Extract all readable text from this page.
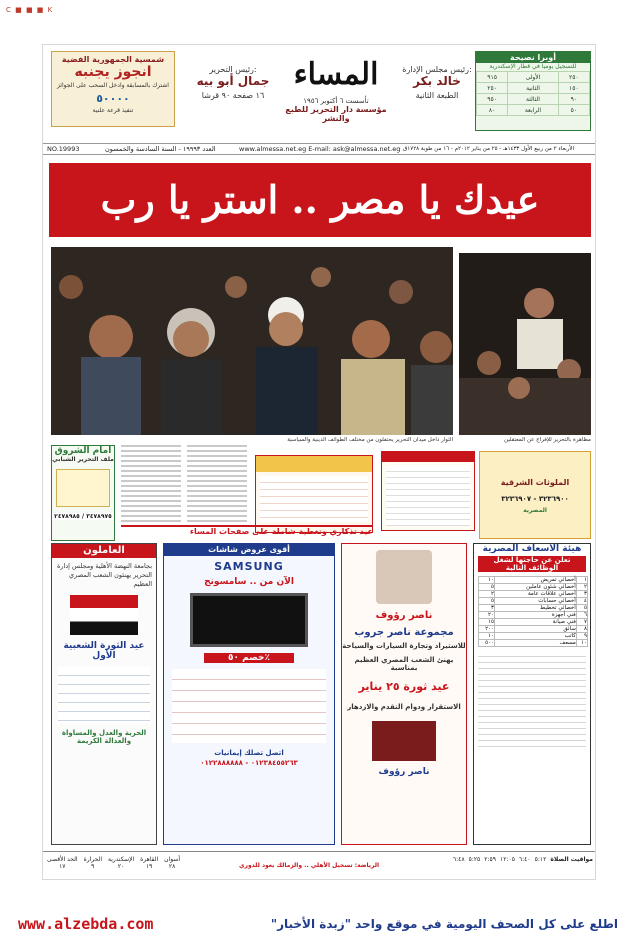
C ■ ■ ■ K
شمسية الجمهورية الفضية
انجوز يجنبه
اشترك بالمسابقة وادخل السحب على الجوائز
٥٠٠٠٠
تنفيذ قرعة علنية
رئيس التحرير:
جمال أبو بيه
١٦ صفحة ٩٠ قرشا
المساء
تأسست ٦ أكتوبر ١٩٥٦
مؤسسة دار التحرير للطبع والنشر
رئيس مجلس الإدارة:
خالد بكر
الطبعة الثانية
أوبرا نصيحة
للتسجيل يوميا في قطار الإسكندرية
٩١٥	الأولى	٢٥٠
٢٥٠	الثانية	١٥٠
٩٥٠	الثالثة	٩٠
٨٠	الرابعة	٥٠
NO.19993	العدد ١٩٩٩٣ - السنة السادسة والخمسون	www.almessa.net.eg E-mail: ask@almessa.net.eg الأربعاء ٢ من ربيع الأول ١٤٣٣هـ - ٢٥ من يناير ٢٠١٢م - ١٦ من طوبة ١٧٢٨ق
عيدك يا مصر .. استر يا رب
الثوار داخل ميدان التحرير يحتفلون من مختلف الطوائف الدينية والسياسية	مظاهرة بالتحرير للإفراج عن المعتقلين
أمام الشروق
ملف التحرير الشبابي
٣٤٧٨٩٧٥ / ٢٤٧٨٩٨٥
الملوثات الشرقية
٣٢٣٦٩٠٠ - ٣٢٣٦٩٠٧
المصرية
عيد تذكاري وتغطية شاملة على صفحات المساء
العاملون
بجامعة النهضة الأهلية ومجلس إدارة التحرير يهنئون الشعب المصري العظيم
عيد الثورة الشعبية الأول
الحرية والعدل والمساواة والعدالة الكريمة
أقوى عروض شاشات
SAMSUNG
الآن من .. سامسونج
خصم ٥٠٪
اتصل تصلك إيمانيات
٠١٢٣٨٤٥٥٢٦٣ - ٠١٢٢٨٨٨٨٨٨
ناصر رؤوف
مجموعة ناصر جروب
للاستيراد وتجارة السيارات والسياحة
يهنئ الشعب المصري العظيم بمناسبة
عيد ثورة ٢٥ يناير
الاستقرار ودوام التقدم والازدهار
ناصر رؤوف
هيئة الأسعاف المصرية
تعلن عن حاجتها لشغل الوظائف التالية
١	أخصائي تمريض	١٠
٢	أخصائي شئون عاملين	٥
٣	أخصائي علاقات عامة	٢
٤	أخصائي حسابات	٥
٥	أخصائي تخطيط	٣
٦	فني أجهزة	٢٠
٧	فني صيانة	١٥
٨	سائق	٢٠٠
٩	كاتب	١٠
١٠	مسعف	٥٠٠
الحد الأقصى
١٧
الحرارة
٩
الإسكندرية
٢٠
القاهرة
١٩
أسوان
٢٨	الرياضة: تسجيل الأهلي .. والزمالك يعود للدوري
مواقيت الصلاة
٥:١٢
٦:٤٠
١٢:٠٥
٢:٥٩
٥:٢٥
٦:٤٨
www.alzebda.com	اطلع على كل الصحف اليومية في موقع واحد "زبدة الأخبار"
